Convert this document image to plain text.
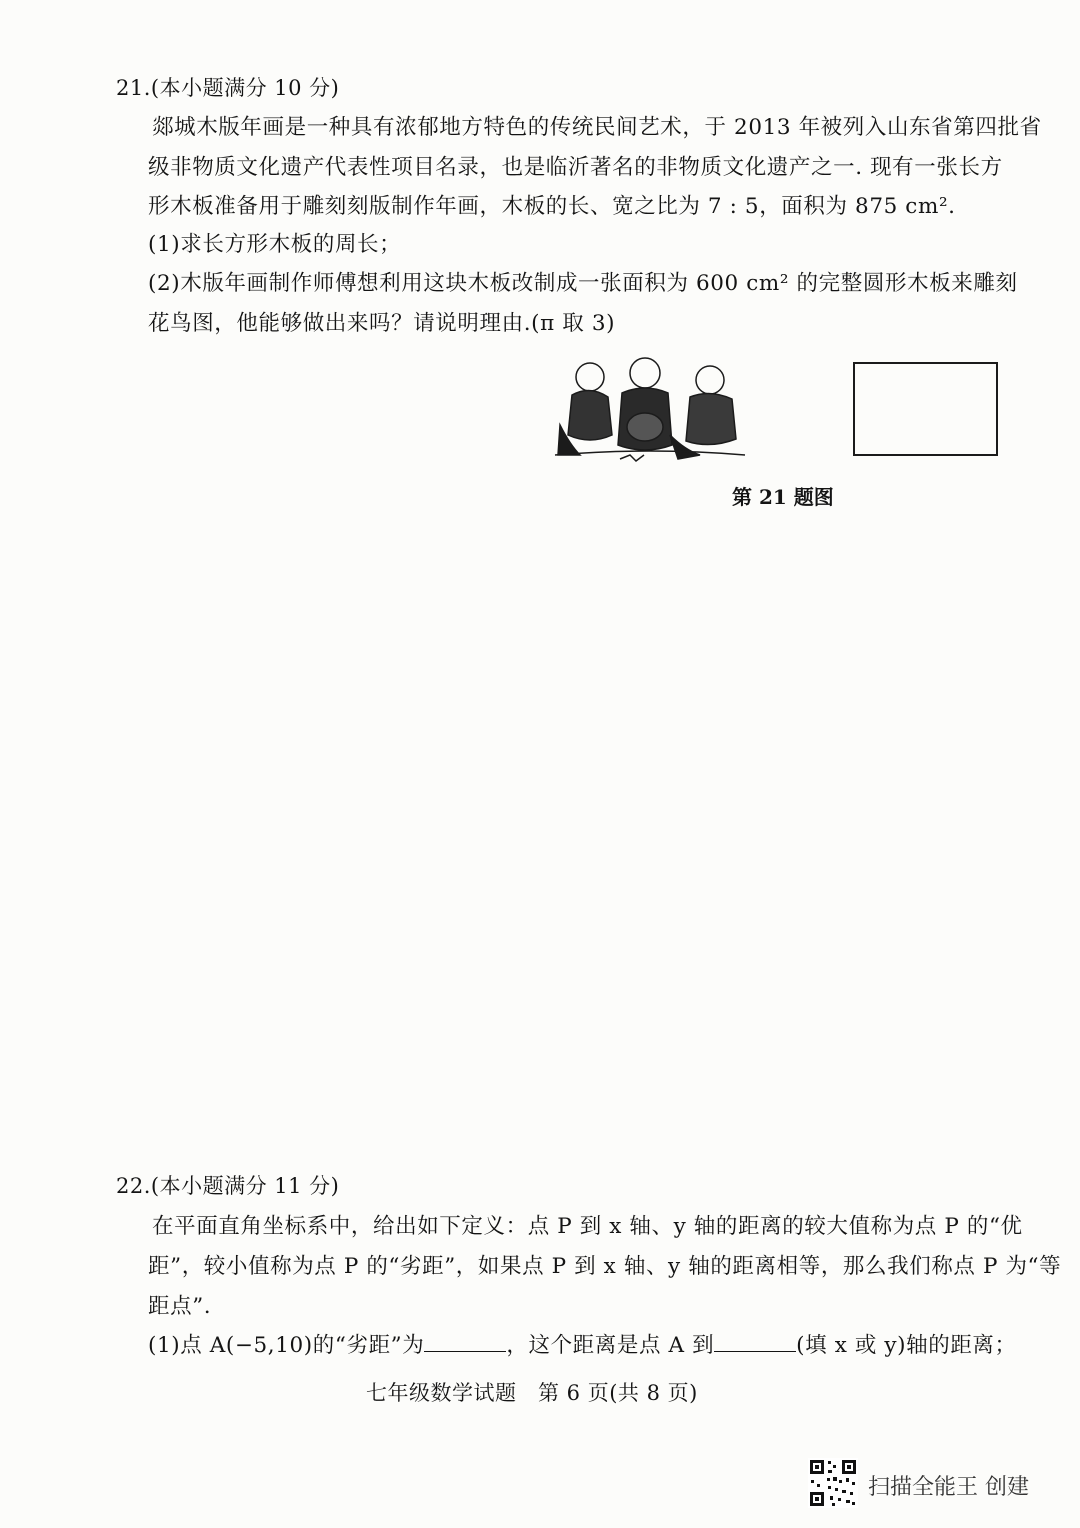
21.(本小题满分 10 分)
郯城木版年画是一种具有浓郁地方特色的传统民间艺术，于 2013 年被列入山东省第四批省
级非物质文化遗产代表性项目名录，也是临沂著名的非物质文化遗产之一. 现有一张长方
形木板准备用于雕刻刻版制作年画，木板的长、宽之比为 7 : 5，面积为 875 cm².
(1)求长方形木板的周长；
(2)木版年画制作师傅想利用这块木板改制成一张面积为 600 cm² 的完整圆形木板来雕刻
花鸟图，他能够做出来吗？请说明理由.(π 取 3)
第 21 题图
22.(本小题满分 11 分)
在平面直角坐标系中，给出如下定义：点 P 到 x 轴、y 轴的距离的较大值称为点 P 的“优
距”，较小值称为点 P 的“劣距”，如果点 P 到 x 轴、y 轴的距离相等，那么我们称点 P 为“等
距点”.
(1)点 A(−5,10)的“劣距”为	，这个距离是点 A 到	(填 x 或 y)轴的距离；
七年级数学试题　第 6 页(共 8 页)
扫描全能王 创建
